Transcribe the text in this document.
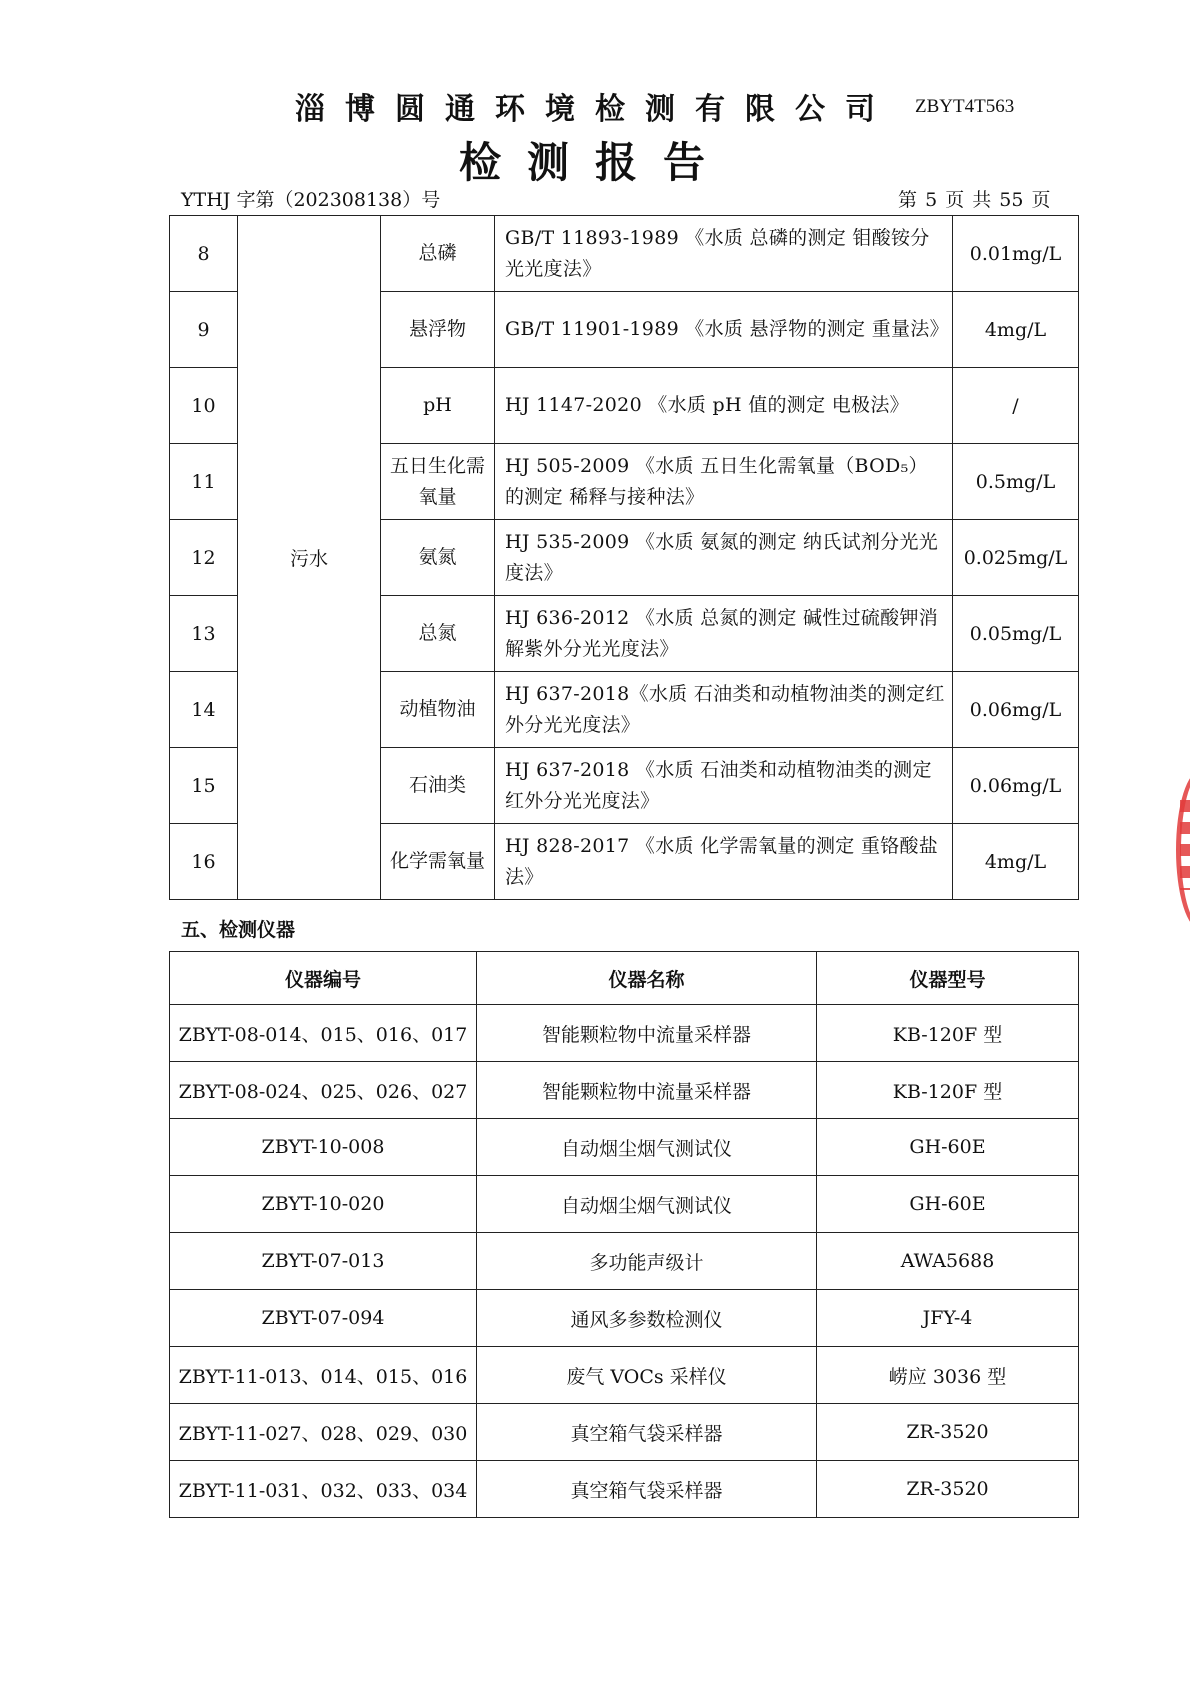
淄博圆通环境检测有限公司	ZBYT4T563
检测报告
YTHJ 字第（202308138）号	第 5 页 共 55 页
8	污水	总磷	GB/T 11893-1989 《水质 总磷的测定 钼酸铵分光光度法》	0.01mg/L
9		悬浮物	GB/T 11901-1989 《水质 悬浮物的测定 重量法》	4mg/L
10		pH	HJ 1147-2020 《水质 pH 值的测定 电极法》	/
11		五日生化需氧量	HJ 505-2009 《水质 五日生化需氧量（BOD₅）的测定 稀释与接种法》	0.5mg/L
12		氨氮	HJ 535-2009 《水质 氨氮的测定 纳氏试剂分光光度法》	0.025mg/L
13		总氮	HJ 636-2012 《水质 总氮的测定 碱性过硫酸钾消解紫外分光光度法》	0.05mg/L
14		动植物油	HJ 637-2018《水质 石油类和动植物油类的测定红外分光光度法》	0.06mg/L
15		石油类	HJ 637-2018 《水质 石油类和动植物油类的测定红外分光光度法》	0.06mg/L
16		化学需氧量	HJ 828-2017 《水质 化学需氧量的测定 重铬酸盐法》	4mg/L
五、检测仪器
仪器编号	仪器名称	仪器型号
ZBYT-08-014、015、016、017	智能颗粒物中流量采样器	KB-120F 型
ZBYT-08-024、025、026、027	智能颗粒物中流量采样器	KB-120F 型
ZBYT-10-008	自动烟尘烟气测试仪	GH-60E
ZBYT-10-020	自动烟尘烟气测试仪	GH-60E
ZBYT-07-013	多功能声级计	AWA5688
ZBYT-07-094	通风多参数检测仪	JFY-4
ZBYT-11-013、014、015、016	废气 VOCs 采样仪	崂应 3036 型
ZBYT-11-027、028、029、030	真空箱气袋采样器	ZR-3520
ZBYT-11-031、032、033、034	真空箱气袋采样器	ZR-3520
